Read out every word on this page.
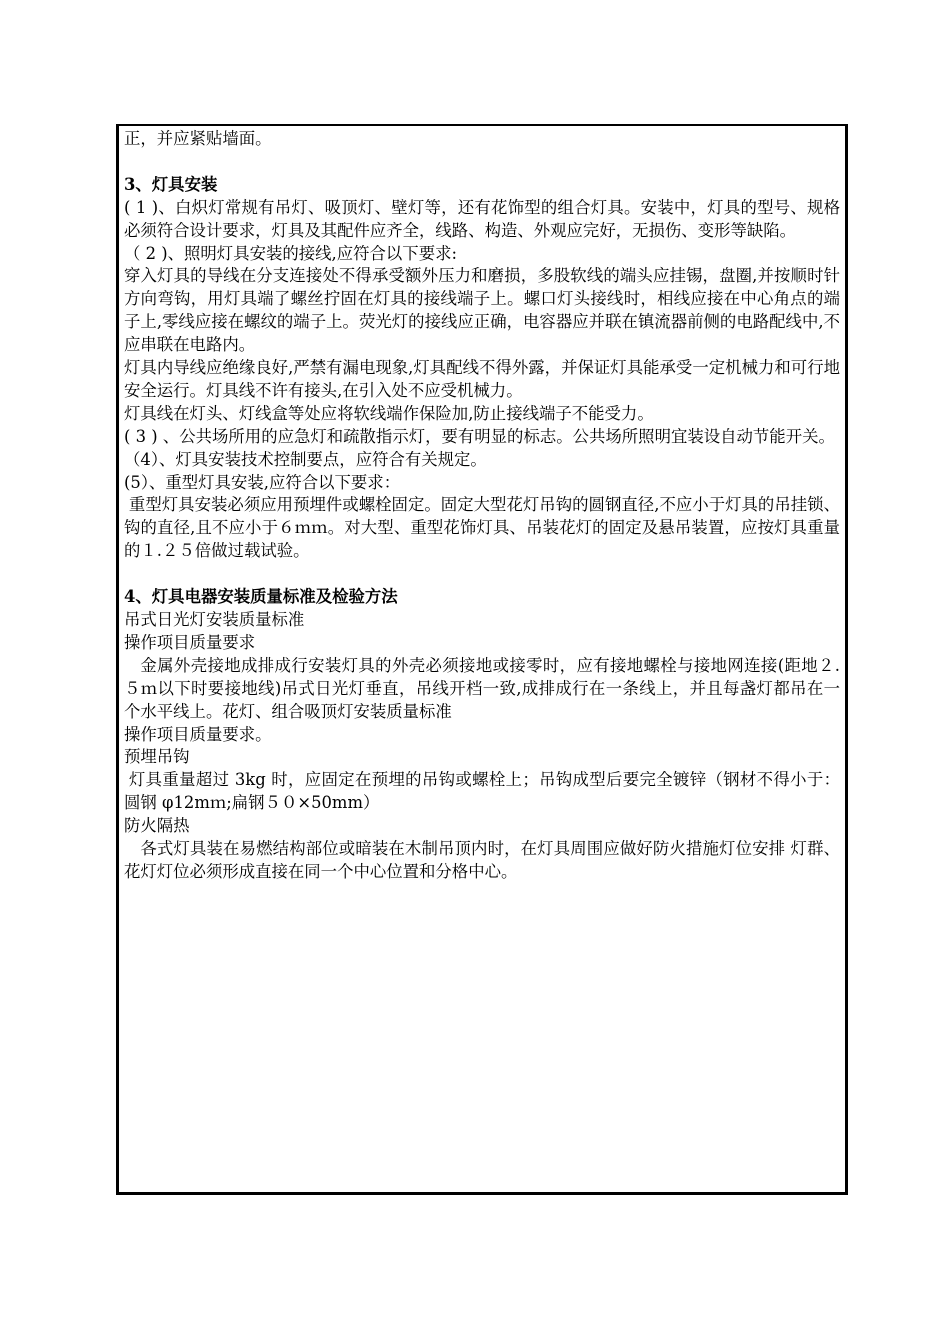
正，并应紧贴墙面。

3、灯具安装

( 1 )、白炽灯常规有吊灯、吸顶灯、壁灯等，还有花饰型的组合灯具。安装中，灯具的型号、规格必须符合设计要求，灯具及其配件应齐全，线路、构造、外观应完好，无损伤、变形等缺陷。

（ 2 )、照明灯具安装的接线,应符合以下要求:

穿入灯具的导线在分支连接处不得承受额外压力和磨损，多股软线的端头应挂锡，盘圈,并按顺时针方向弯钩，用灯具端了螺丝拧固在灯具的接线端子上。螺口灯头接线时，相线应接在中心角点的端子上,零线应接在螺纹的端子上。荧光灯的接线应正确，电容器应并联在镇流器前侧的电路配线中,不应串联在电路内。

灯具内导线应绝缘良好,严禁有漏电现象,灯具配线不得外露，并保证灯具能承受一定机械力和可行地安全运行。灯具线不许有接头,在引入处不应受机械力。

灯具线在灯头、灯线盒等处应将软线端作保险加,防止接线端子不能受力。

( 3 ) 、公共场所用的应急灯和疏散指示灯，要有明显的标志。公共场所照明宜装设自动节能开关。

（4）、灯具安装技术控制要点，应符合有关规定。

(5）、重型灯具安装,应符合以下要求：

重型灯具安装必须应用预埋件或螺栓固定。固定大型花灯吊钩的圆钢直径,不应小于灯具的吊挂锁、钩的直径,且不应小于６ｍｍ。对大型、重型花饰灯具、吊装花灯的固定及悬吊装置，应按灯具重量的１.２５倍做过载试验。

4、灯具电器安装质量标准及检验方法

吊式日光灯安装质量标准

操作项目质量要求

金属外壳接地成排成行安装灯具的外壳必须接地或接零时，应有接地螺栓与接地网连接(距地２.５ｍ以下时要接地线)吊式日光灯垂直，吊线开档一致,成排成行在一条线上，并且每盏灯都吊在一个水平线上。花灯、组合吸顶灯安装质量标准

操作项目质量要求。

预埋吊钩

灯具重量超过 3kg 时，应固定在预埋的吊钩或螺栓上；吊钩成型后要完全镀锌（钢材不得小于：圆钢 φ12mｍ;扁钢５０×50mm）

防火隔热

各式灯具装在易燃结构部位或暗装在木制吊顶内时，在灯具周围应做好防火措施灯位安排 灯群、花灯灯位必须形成直接在同一个中心位置和分格中心。
